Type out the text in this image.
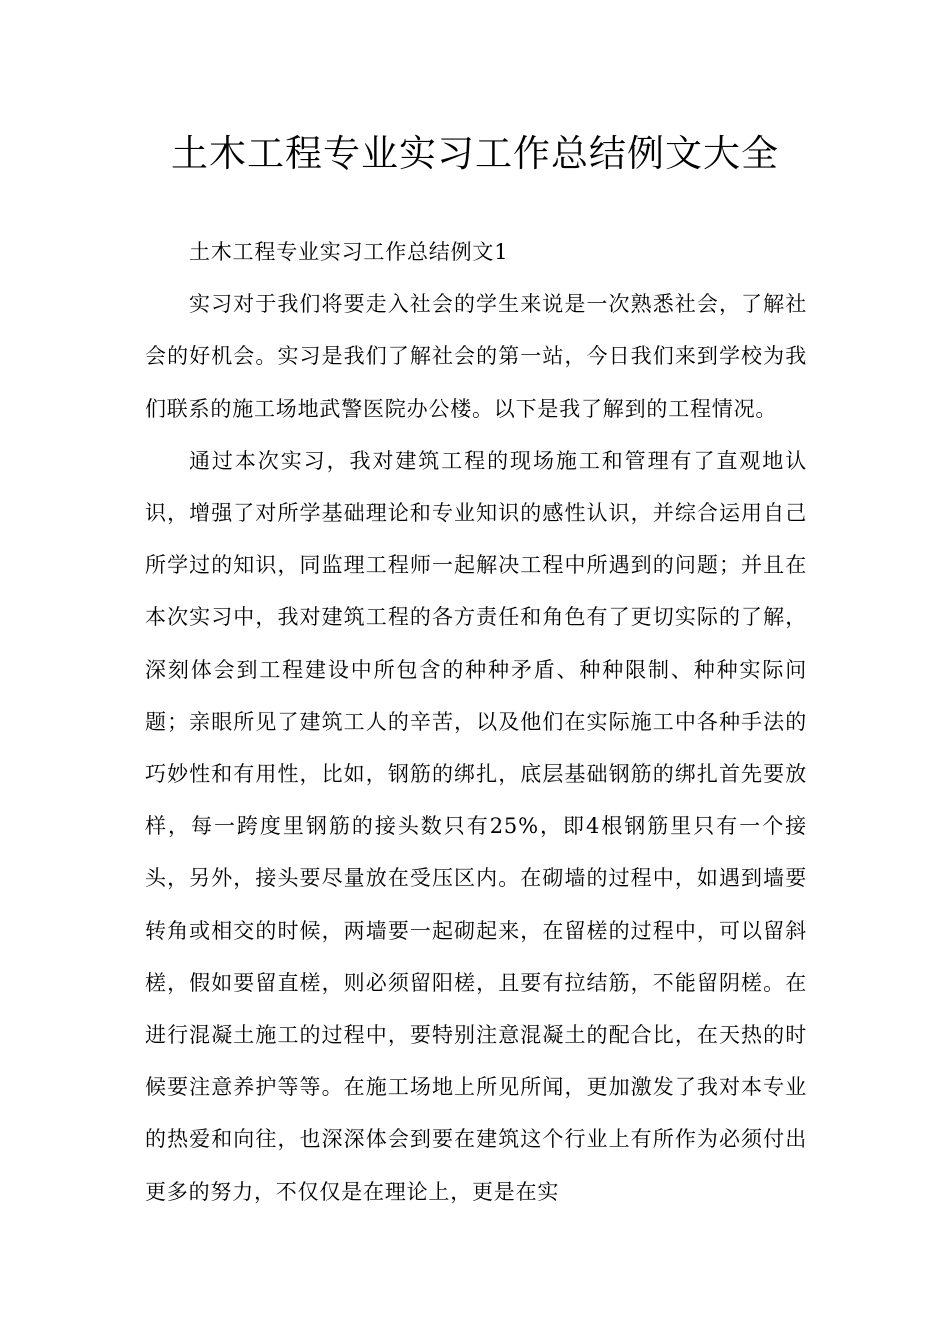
土木工程专业实习工作总结例文大全

土木工程专业实习工作总结例文1

实习对于我们将要走入社会的学生来说是一次熟悉社会，了解社会的好机会。实习是我们了解社会的第一站，今日我们来到学校为我们联系的施工场地武警医院办公楼。以下是我了解到的工程情况。

通过本次实习，我对建筑工程的现场施工和管理有了直观地认识，增强了对所学基础理论和专业知识的感性认识，并综合运用自己所学过的知识，同监理工程师一起解决工程中所遇到的问题；并且在本次实习中，我对建筑工程的各方责任和角色有了更切实际的了解，深刻体会到工程建设中所包含的种种矛盾、种种限制、种种实际问题；亲眼所见了建筑工人的辛苦，以及他们在实际施工中各种手法的巧妙性和有用性，比如，钢筋的绑扎，底层基础钢筋的绑扎首先要放样，每一跨度里钢筋的接头数只有25%，即4根钢筋里只有一个接头，另外，接头要尽量放在受压区内。在砌墙的过程中，如遇到墙要转角或相交的时候，两墙要一起砌起来，在留槎的过程中，可以留斜槎，假如要留直槎，则必须留阳槎，且要有拉结筋，不能留阴槎。在进行混凝土施工的过程中，要特别注意混凝土的配合比，在天热的时候要注意养护等等。在施工场地上所见所闻，更加激发了我对本专业的热爱和向往，也深深体会到要在建筑这个行业上有所作为必须付出更多的努力，不仅仅是在理论上，更是在实
